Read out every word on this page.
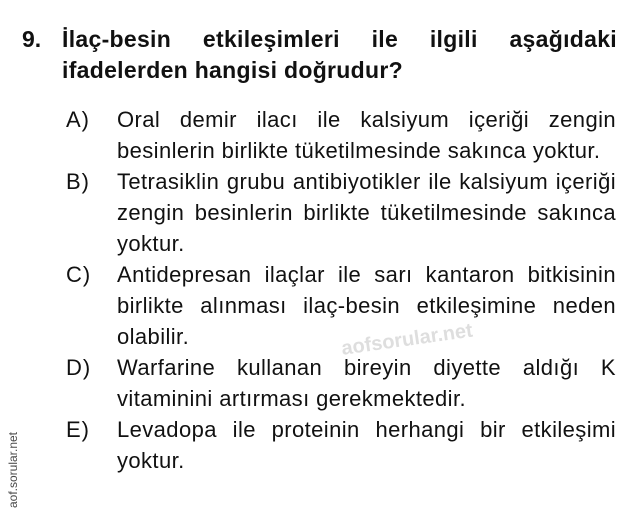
9. İlaç-besin etkileşimleri ile ilgili aşağıdaki ifadelerden hangisi doğrudur?
A)	Oral demir ilacı ile kalsiyum içeriği zengin besinlerin birlikte tüketilmesinde sakınca yoktur.
B)	Tetrasiklin grubu antibiyotikler ile kalsiyum içeriği zengin besinlerin birlikte tüketilmesinde sakınca yoktur.
C)	Antidepresan ilaçlar ile sarı kantaron bitkisinin birlikte alınması ilaç-besin etkileşimine neden olabilir.
D)	Warfarine kullanan bireyin diyette aldığı K vitaminini artırması gerekmektedir.
E)	Levadopa ile proteinin herhangi bir etkileşimi yoktur.
aofsorular.net
aof.sorular.net
